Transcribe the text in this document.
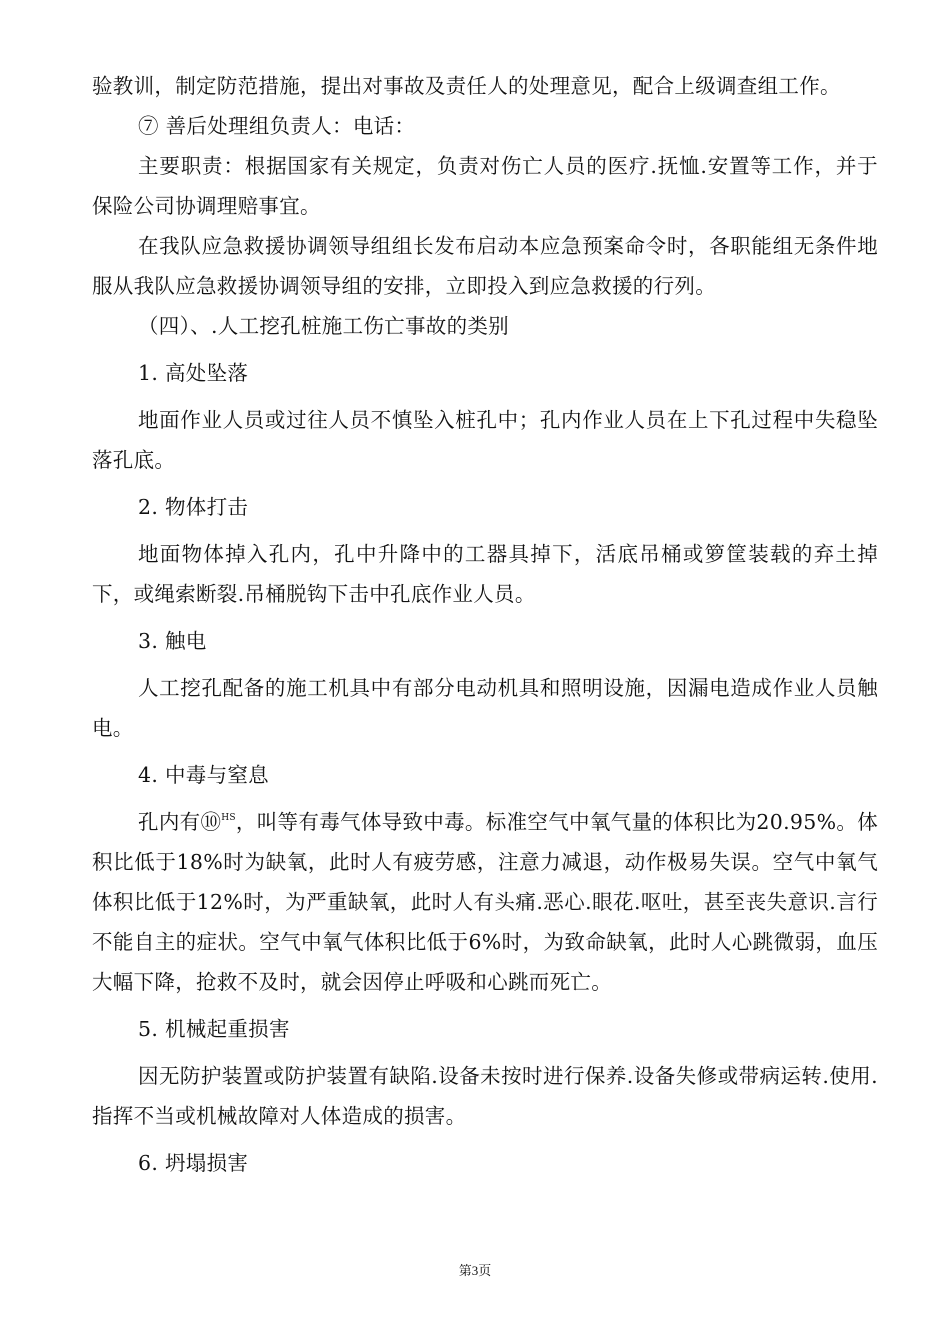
验教训，制定防范措施，提出对事故及责任人的处理意见，配合上级调查组工作。

⑦ 善后处理组负责人：电话：

主要职责：根据国家有关规定，负责对伤亡人员的医疗.抚恤.安置等工作，并于保险公司协调理赔事宜。

在我队应急救援协调领导组组长发布启动本应急预案命令时，各职能组无条件地服从我队应急救援协调领导组的安排，立即投入到应急救援的行列。

（四）、.人工挖孔桩施工伤亡事故的类别

1. 高处坠落

地面作业人员或过往人员不慎坠入桩孔中；孔内作业人员在上下孔过程中失稳坠落孔底。

2. 物体打击

地面物体掉入孔内，孔中升降中的工器具掉下，活底吊桶或箩筐装载的弃土掉下，或绳索断裂.吊桶脱钩下击中孔底作业人员。

3. 触电

人工挖孔配备的施工机具中有部分电动机具和照明设施，因漏电造成作业人员触电。

4. 中毒与窒息

孔内有⑩$^{HS}$，叫等有毒气体导致中毒。标准空气中氧气量的体积比为20.95%。体积比低于18%时为缺氧，此时人有疲劳感，注意力减退，动作极易失误。空气中氧气体积比低于12%时，为严重缺氧，此时人有头痛.恶心.眼花.呕吐，甚至丧失意识.言行不能自主的症状。空气中氧气体积比低于6%时，为致命缺氧，此时人心跳微弱，血压大幅下降，抢救不及时，就会因停止呼吸和心跳而死亡。

5. 机械起重损害

因无防护装置或防护装置有缺陷.设备未按时进行保养.设备失修或带病运转.使用.指挥不当或机械故障对人体造成的损害。

6. 坍塌损害

第3页
